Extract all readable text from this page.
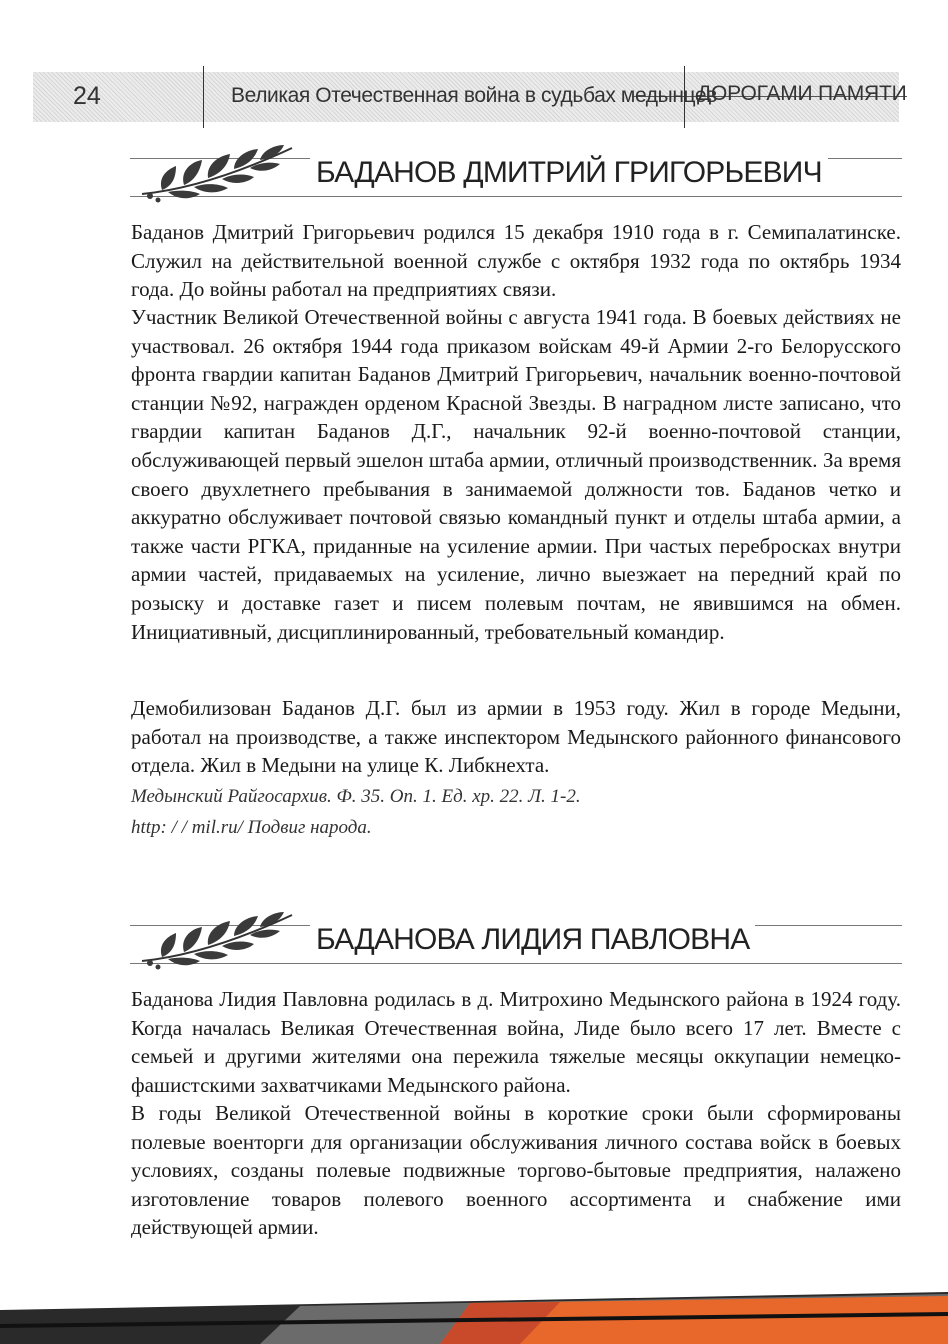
24	Великая Отечественная война в судьбах медынцев
ДОРОГАМИ ПАМЯТИ
БАДАНОВ ДМИТРИЙ ГРИГОРЬЕВИЧ

Баданов Дмитрий Григорьевич родился 15 декабря 1910 года в г. Семипалатинске. Служил на действительной военной службе с октября 1932 года по октябрь 1934 года. До войны работал на предприятиях связи.

Участник Великой Отечественной войны с августа 1941 года. В боевых действиях не участвовал. 26 октября 1944 года приказом войскам 49-й Армии 2-го Белорусского фронта гвардии капитан Баданов Дмитрий Григорьевич, начальник военно-почтовой станции №92, награжден орденом Красной Звезды. В наградном листе записано, что гвардии капитан Баданов Д.Г., начальник 92-й военно-почтовой станции, обслуживающей первый эшелон штаба армии, отличный производственник. За время своего двухлетнего пребывания в занимаемой должности тов. Баданов четко и аккуратно обслуживает почтовой связью командный пункт и отделы штаба армии, а также части РГКА, приданные на усиление армии. При частых перебросках внутри армии частей, придаваемых на усиление, лично выезжает на передний край по розыску и доставке газет и писем полевым почтам, не явившимся на обмен. Инициативный, дисциплинированный, требовательный командир.

Демобилизован Баданов Д.Г. был из армии в 1953 году. Жил в городе Медыни, работал на производстве, а также инспектором Медынского районного финансового отдела. Жил в Медыни на улице К. Либкнехта.

Медынский Райгосархив. Ф. 35. Оп. 1. Ед. хр. 22. Л. 1-2.
http: / / mil.ru/ Подвиг народа.
БАДАНОВА ЛИДИЯ ПАВЛОВНА

Баданова Лидия Павловна родилась в д. Митрохино Медынского района в 1924 году. Когда началась Великая Отечественная война, Лиде было всего 17 лет. Вместе с семьей и другими жителями она пережила тяжелые месяцы оккупации немецко-фашистскими захватчиками Медынского района.

В годы Великой Отечественной войны в короткие сроки были сформированы полевые военторги для организации обслуживания личного состава войск в боевых условиях, созданы полевые подвижные торгово-бытовые предприятия, налажено изготовление товаров полевого военного ассортимента и снабжение ими действующей армии.
